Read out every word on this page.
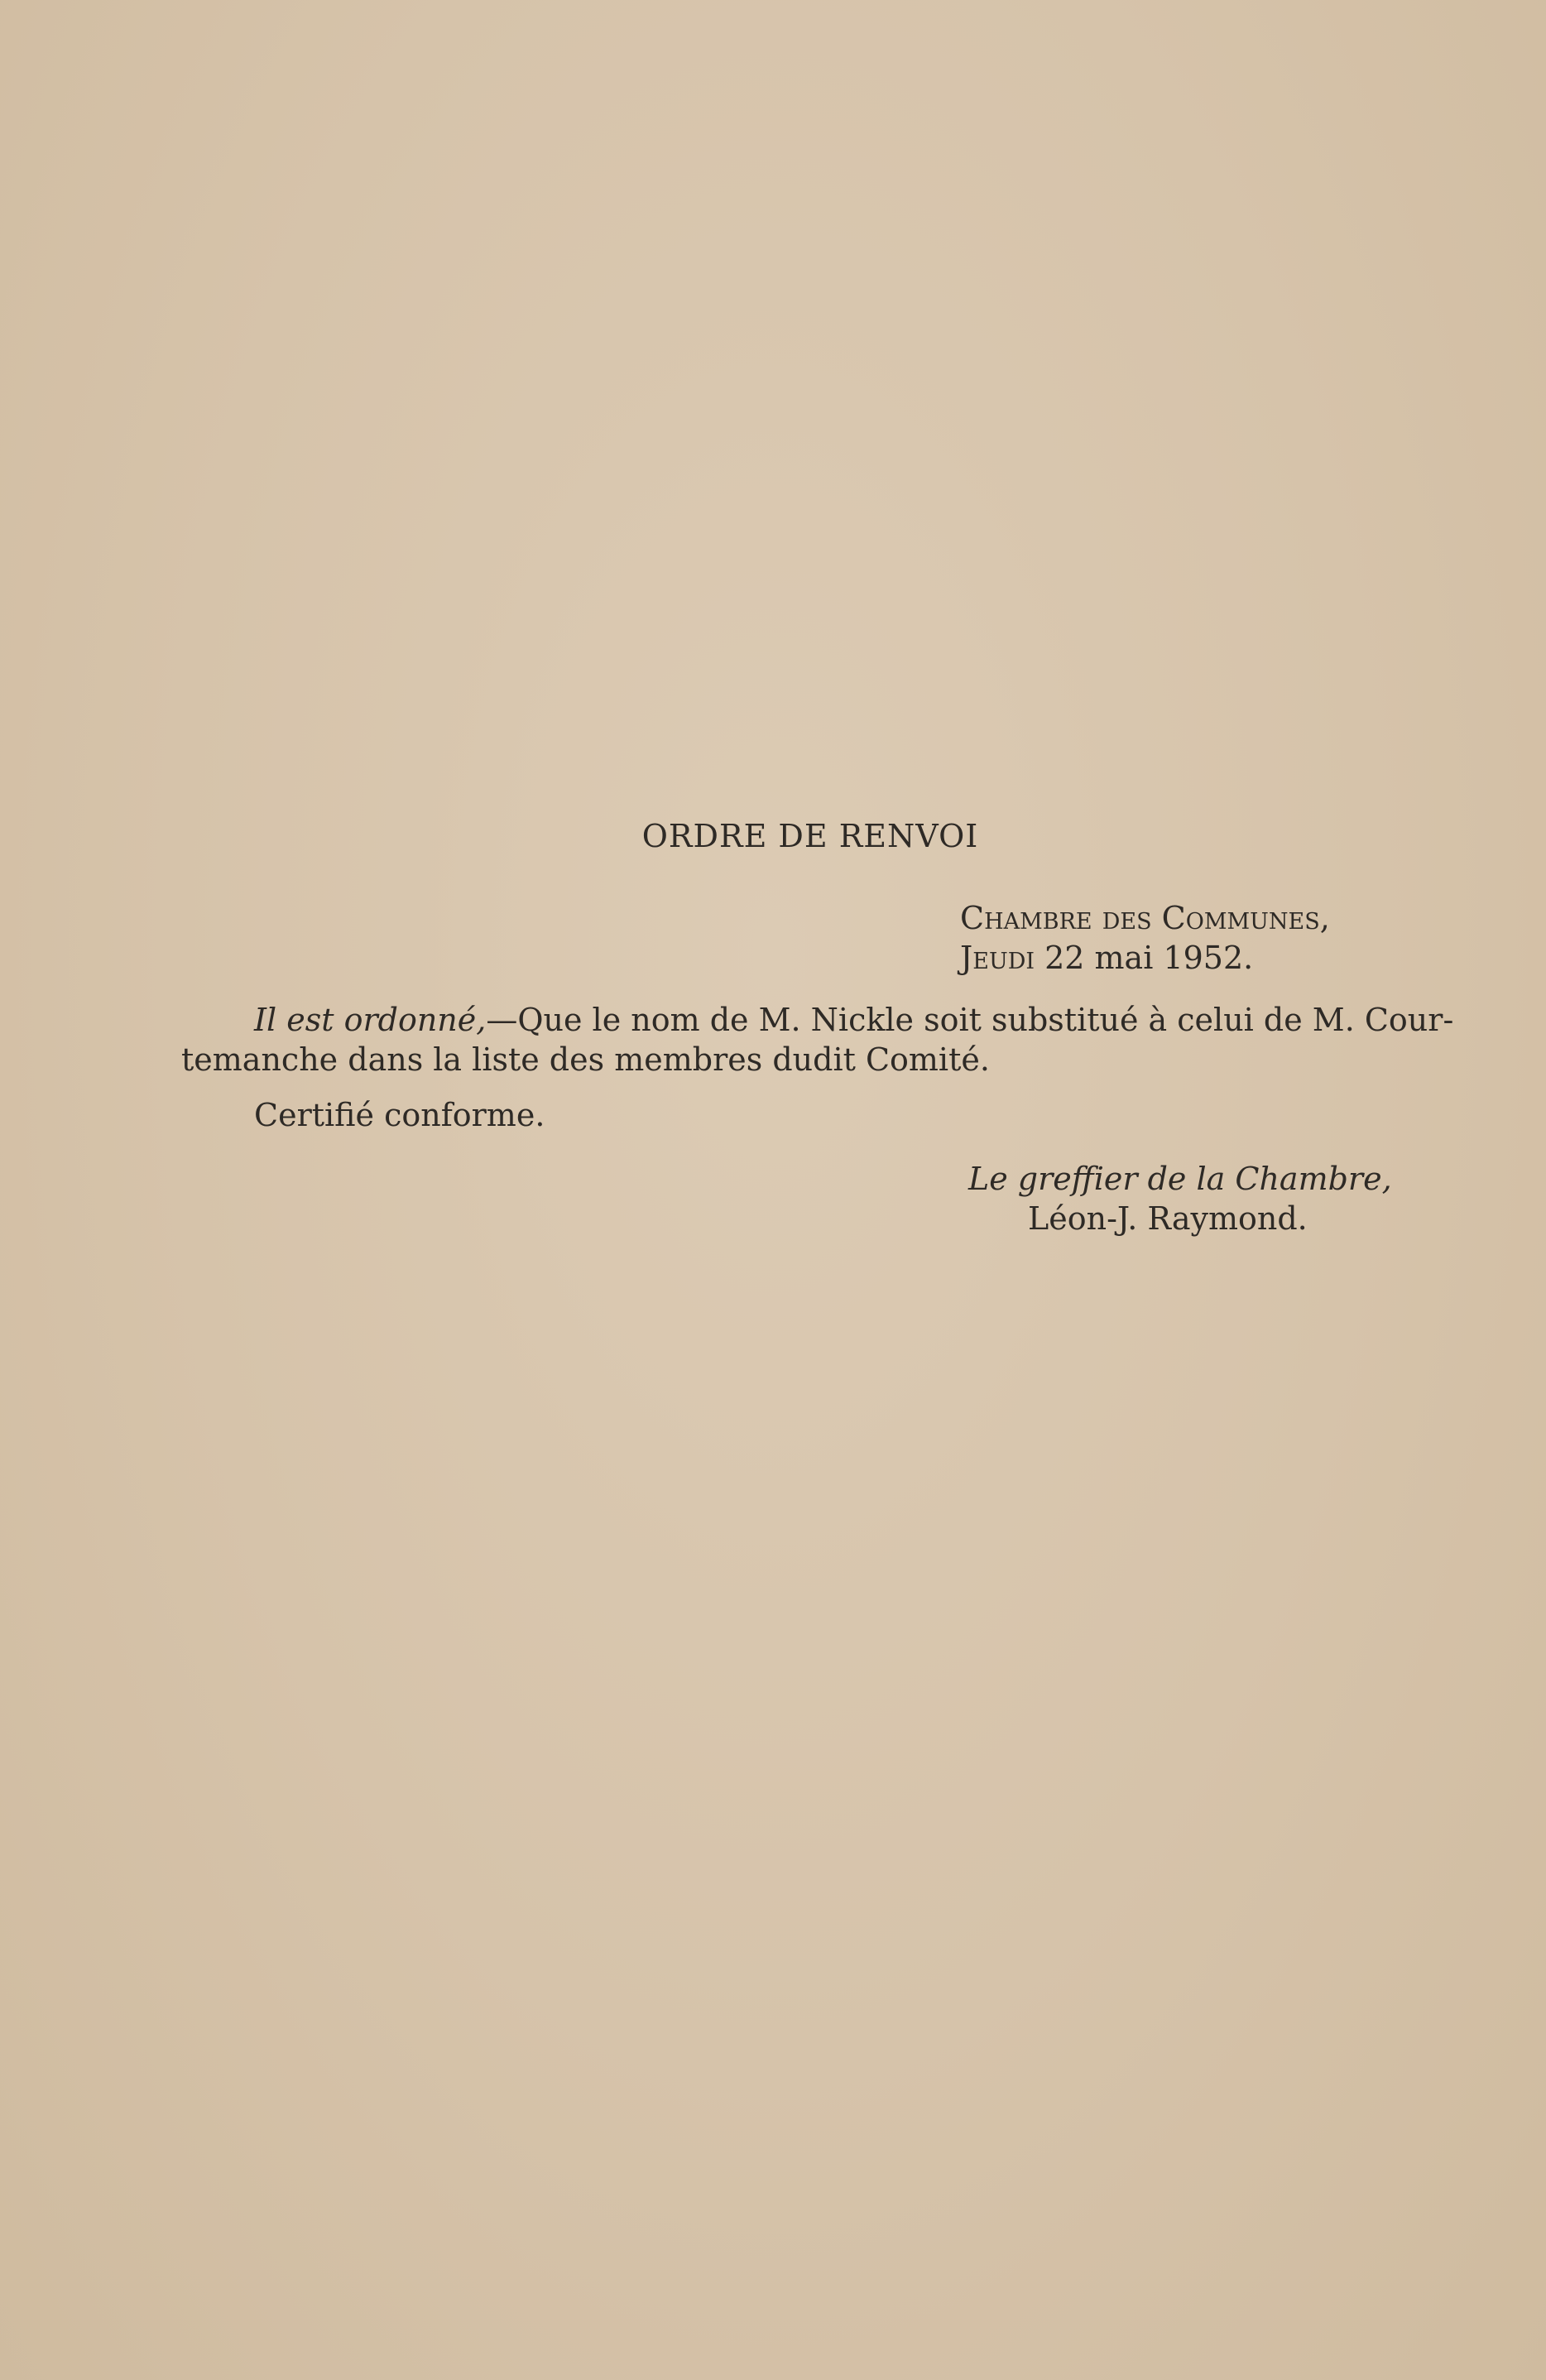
ORDRE DE RENVOI
Chambre des Communes,
Jeudi 22 mai 1952.
Il est ordonné,—Que le nom de M. Nickle soit substitué à celui de M. Cour-
temanche dans la liste des membres dudit Comité.
Certifié conforme.
Le greffier de la Chambre,
Léon-J. Raymond.
